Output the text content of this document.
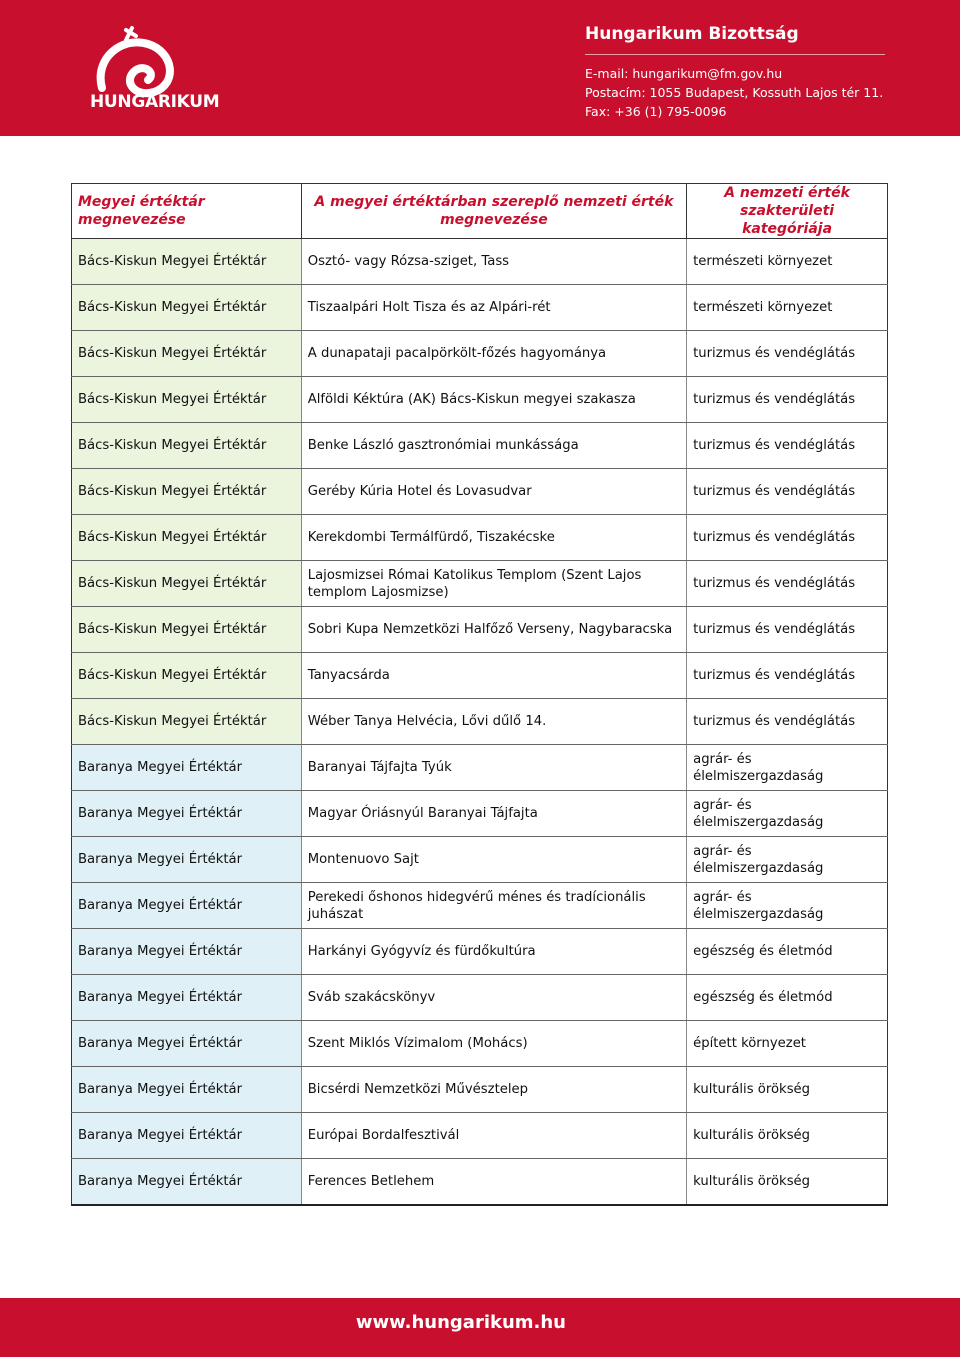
HUNGARIKUM
Hungarikum Bizottság
E-mail: hungarikum@fm.gov.hu
Postacím: 1055 Budapest, Kossuth Lajos tér 11.
Fax: +36 (1) 795-0096
Megyei értéktár megnevezése	A megyei értéktárban szereplő nemzeti érték megnevezése	A nemzeti érték szakterületi kategóriája
Bács-Kiskun Megyei Értéktár	Osztó- vagy Rózsa-sziget, Tass	természeti környezet
Bács-Kiskun Megyei Értéktár	Tiszaalpári Holt Tisza és az Alpári-rét	természeti környezet
Bács-Kiskun Megyei Értéktár	A dunapataji pacalpörkölt-főzés hagyománya	turizmus és vendéglátás
Bács-Kiskun Megyei Értéktár	Alföldi Kéktúra (AK) Bács-Kiskun megyei szakasza	turizmus és vendéglátás
Bács-Kiskun Megyei Értéktár	Benke László gasztronómiai munkássága	turizmus és vendéglátás
Bács-Kiskun Megyei Értéktár	Geréby Kúria Hotel és Lovasudvar	turizmus és vendéglátás
Bács-Kiskun Megyei Értéktár	Kerekdombi Termálfürdő, Tiszakécske	turizmus és vendéglátás
Bács-Kiskun Megyei Értéktár	Lajosmizsei Római Katolikus Templom (Szent Lajos templom Lajosmizse)	turizmus és vendéglátás
Bács-Kiskun Megyei Értéktár	Sobri Kupa Nemzetközi Halfőző Verseny, Nagybaracska	turizmus és vendéglátás
Bács-Kiskun Megyei Értéktár	Tanyacsárda	turizmus és vendéglátás
Bács-Kiskun Megyei Értéktár	Wéber Tanya Helvécia, Lővi dűlő 14.	turizmus és vendéglátás
Baranya Megyei Értéktár	Baranyai Tájfajta Tyúk	agrár- és élelmiszergazdaság
Baranya Megyei Értéktár	Magyar Óriásnyúl Baranyai Tájfajta	agrár- és élelmiszergazdaság
Baranya Megyei Értéktár	Montenuovo Sajt	agrár- és élelmiszergazdaság
Baranya Megyei Értéktár	Perekedi őshonos hidegvérű ménes és tradícionális juhászat	agrár- és élelmiszergazdaság
Baranya Megyei Értéktár	Harkányi Gyógyvíz és fürdőkultúra	egészség és életmód
Baranya Megyei Értéktár	Sváb szakácskönyv	egészség és életmód
Baranya Megyei Értéktár	Szent Miklós Vízimalom (Mohács)	épített környezet
Baranya Megyei Értéktár	Bicsérdi Nemzetközi Művésztelep	kulturális örökség
Baranya Megyei Értéktár	Európai Bordalfesztivál	kulturális örökség
Baranya Megyei Értéktár	Ferences Betlehem	kulturális örökség
www.hungarikum.hu
